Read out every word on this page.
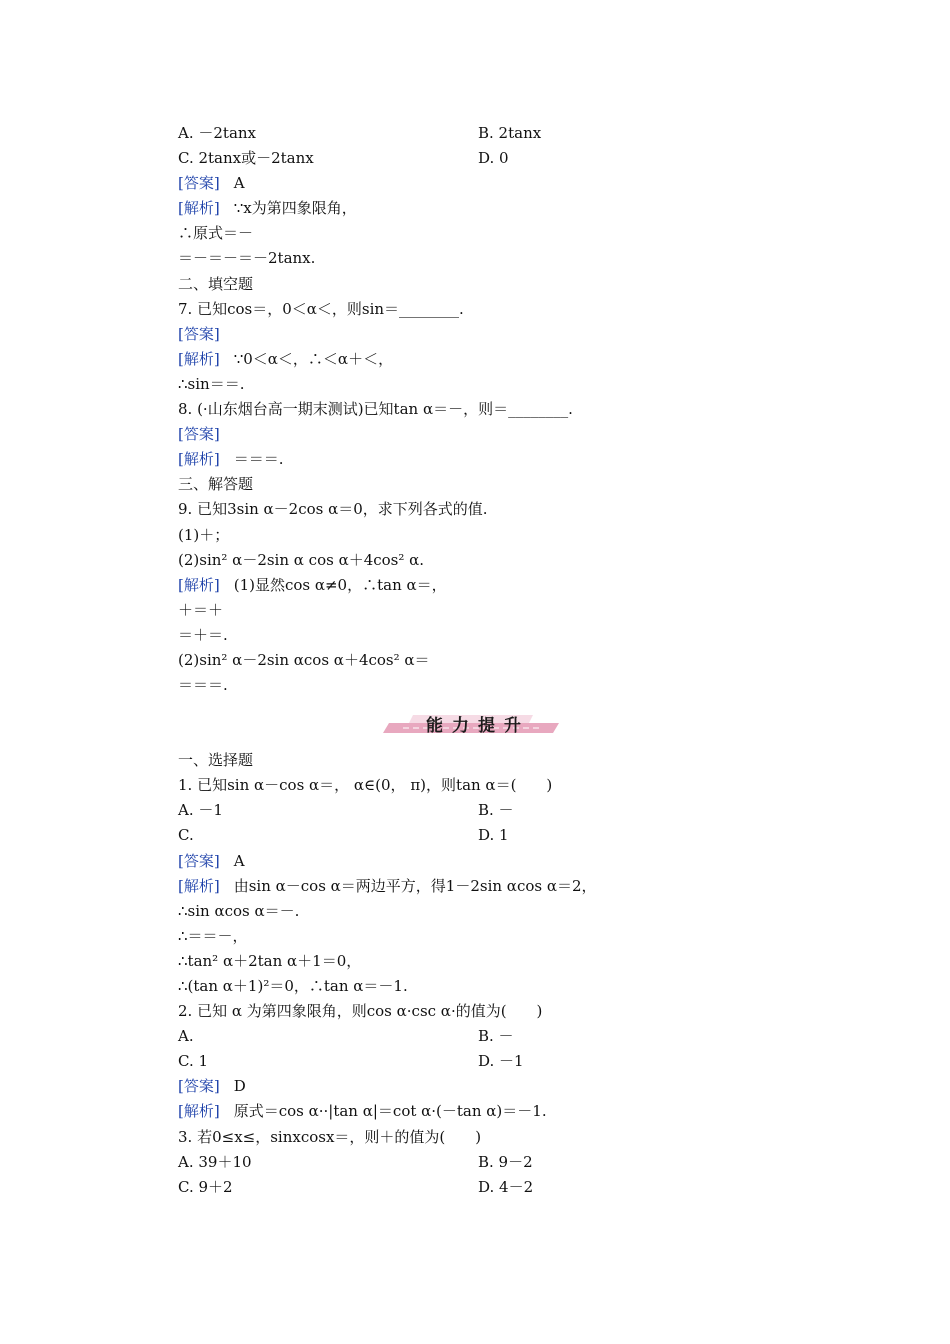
A. －2tanx	B. 2tanx
C. 2tanx或－2tanx	D. 0
[答案] A
[解析] ∵x为第四象限角，
∴原式＝－
＝－＝－＝－2tanx.
二、填空题
7. 已知cos＝，0＜α＜，则sin＝________.
[答案]
[解析] ∵0＜α＜，∴＜α＋＜，
∴sin＝＝.
8. (·山东烟台高一期末测试)已知tan α＝－，则＝________.
[答案]
[解析] ＝＝＝.
三、解答题
9. 已知3sin α－2cos α＝0，求下列各式的值.
(1)＋；
(2)sin² α－2sin α cos α＋4cos² α.
[解析] (1)显然cos α≠0，∴tan α＝，
＋＝＋
＝＋＝.
(2)sin² α－2sin αcos α＋4cos² α＝
＝＝＝.
能力提升
一、选择题
1. 已知sin α－cos α＝， α∈(0， π)，则tan α＝(　　)
A. －1	B. －
C.	D. 1
[答案] A
[解析] 由sin α－cos α＝两边平方，得1－2sin αcos α＝2，
∴sin αcos α＝－.
∴＝＝－，
∴tan² α＋2tan α＋1＝0，
∴(tan α＋1)²＝0，∴tan α＝－1.
2. 已知 α 为第四象限角，则cos α·csc α·的值为(　　)
A.	B. －
C. 1	D. －1
[答案] D
[解析] 原式＝cos α··|tan α|＝cot α·(－tan α)＝－1.
3. 若0≤x≤，sinxcosx＝，则＋的值为(　　)
A. 39＋10	B. 9－2
C. 9＋2	D. 4－2
